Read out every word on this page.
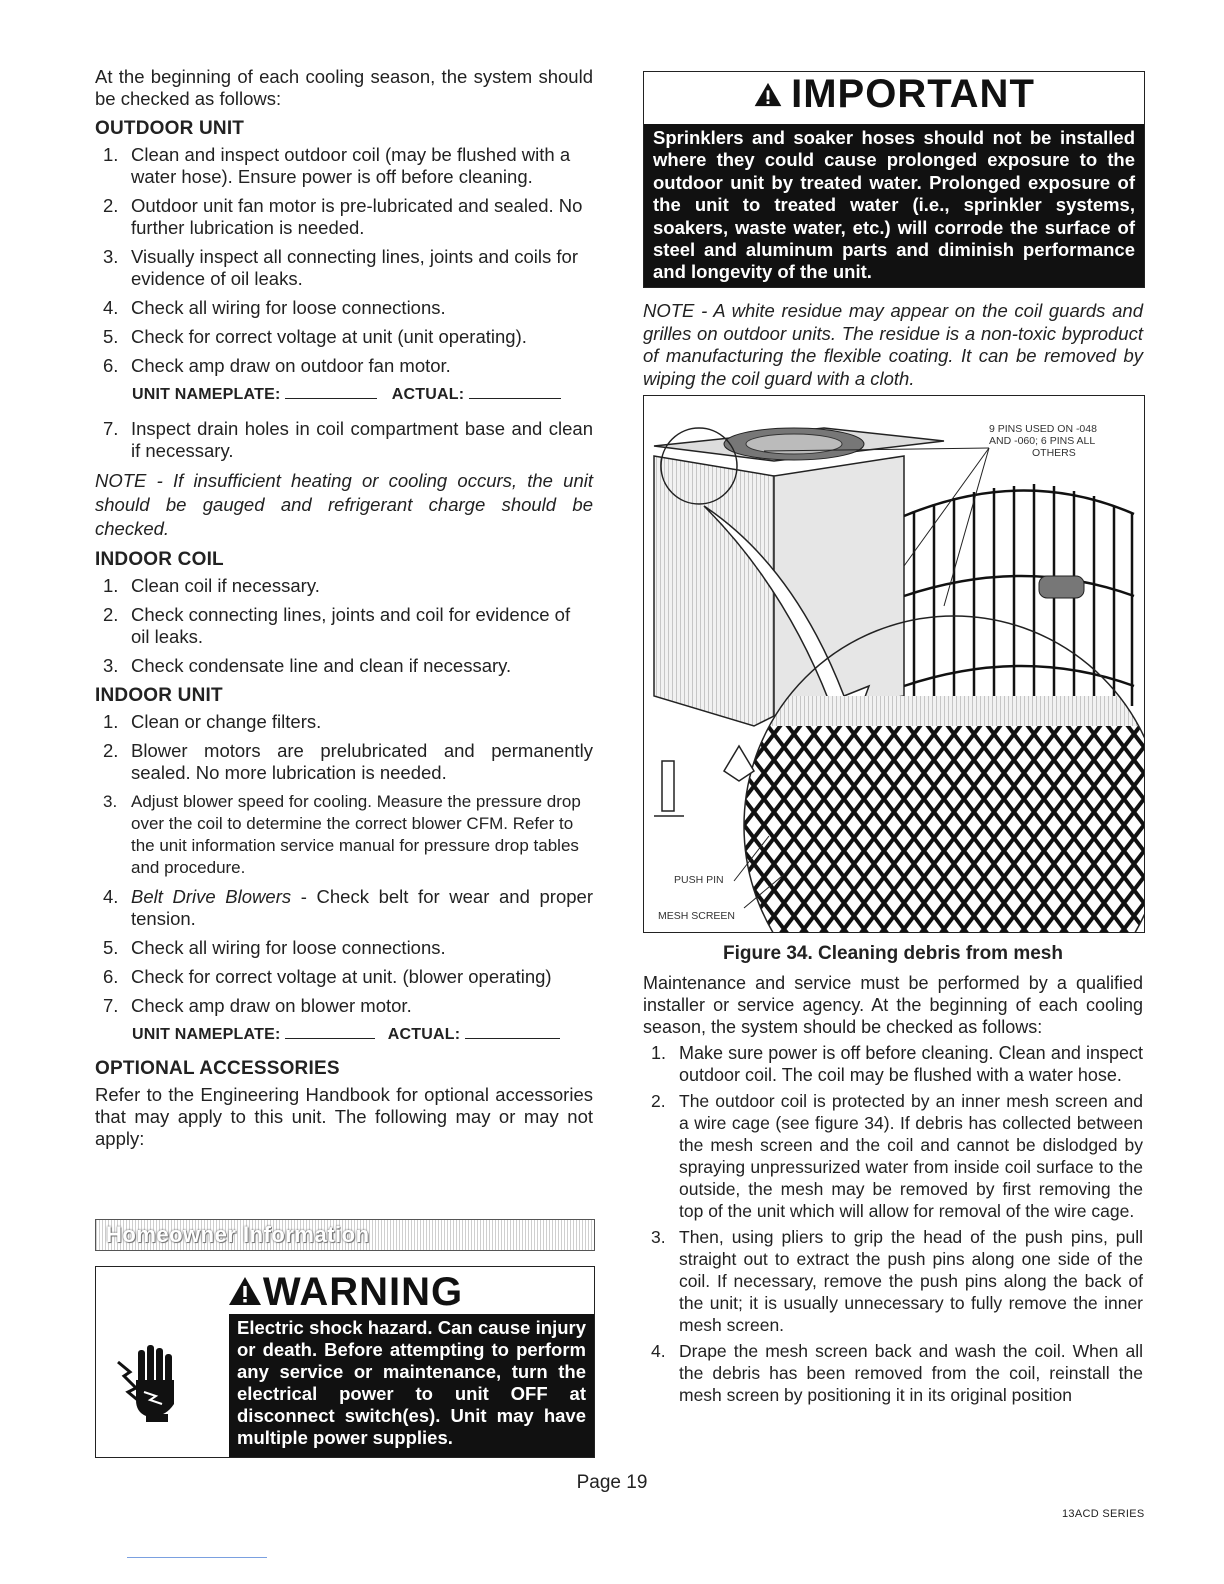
At the beginning of each cooling season, the system should be checked as follows:

OUTDOOR UNIT
1. Clean and inspect outdoor coil (may be flushed with a water hose). Ensure power is off before cleaning.
2. Outdoor unit fan motor is pre-lubricated and sealed. No further lubrication is needed.
3. Visually inspect all connecting lines, joints and coils for evidence of oil leaks.
4. Check all wiring for loose connections.
5. Check for correct voltage at unit (unit operating).
6. Check amp draw on outdoor fan motor.
UNIT NAMEPLATE:	ACTUAL:
7. Inspect drain holes in coil compartment base and clean if necessary.

NOTE - If insufficient heating or cooling occurs, the unit should be gauged and refrigerant charge should be checked.

INDOOR COIL
1. Clean coil if necessary.
2. Check connecting lines, joints and coil for evidence of oil leaks.
3. Check condensate line and clean if necessary.
INDOOR UNIT
1. Clean or change filters.
2. Blower motors are prelubricated and permanently sealed. No more lubrication is needed.
3. Adjust blower speed for cooling. Measure the pressure drop over the coil to determine the correct blower CFM. Refer to the unit information service manual for pressure drop tables and procedure.
4. Belt Drive Blowers - Check belt for wear and proper tension.
5. Check all wiring for loose connections.
6. Check for correct voltage at unit. (blower operating)
7. Check amp draw on blower motor.
UNIT NAMEPLATE:	ACTUAL:
OPTIONAL ACCESSORIES

Refer to the Engineering Handbook for optional accessories that may apply to this unit. The following may or may not apply:

Homeowner Information
WARNING
Electric shock hazard. Can cause injury or death. Before attempting to perform any service or maintenance, turn the electrical power to unit OFF at disconnect switch(es). Unit may have multiple power supplies.
IMPORTANT
Sprinklers and soaker hoses should not be installed where they could cause prolonged exposure to the outdoor unit by treated water. Prolonged exposure of the unit to treated water (i.e., sprinkler systems, soakers, waste water, etc.) will corrode the surface of steel and aluminum parts and diminish performance and longevity of the unit.

NOTE - A white residue may appear on the coil guards and grilles on outdoor units. The residue is a non-toxic byproduct of manufacturing the flexible coating. It can be removed by wiping the coil guard with a cloth.

9 PINS USED ON -048
AND -060; 6 PINS ALL
OTHERS
PUSH PIN
MESH SCREEN
Figure 34. Cleaning debris from mesh

Maintenance and service must be performed by a qualified installer or service agency. At the beginning of each cooling season, the system should be checked as follows:

1. Make sure power is off before cleaning. Clean and inspect outdoor coil. The coil may be flushed with a water hose.
2. The outdoor coil is protected by an inner mesh screen and a wire cage (see figure 34). If debris has collected between the mesh screen and the coil and cannot be dislodged by spraying unpressurized water from inside coil surface to the outside, the mesh may be removed by first removing the top of the unit which will allow for removal of the wire cage.
3. Then, using pliers to grip the head of the push pins, pull straight out to extract the push pins along one side of the coil. If necessary, remove the push pins along the back of the unit; it is usually unnecessary to fully remove the inner mesh screen.
4. Drape the mesh screen back and wash the coil. When all the debris has been removed from the coil, reinstall the mesh screen by positioning it in its original position
Page 19
13ACD SERIES
